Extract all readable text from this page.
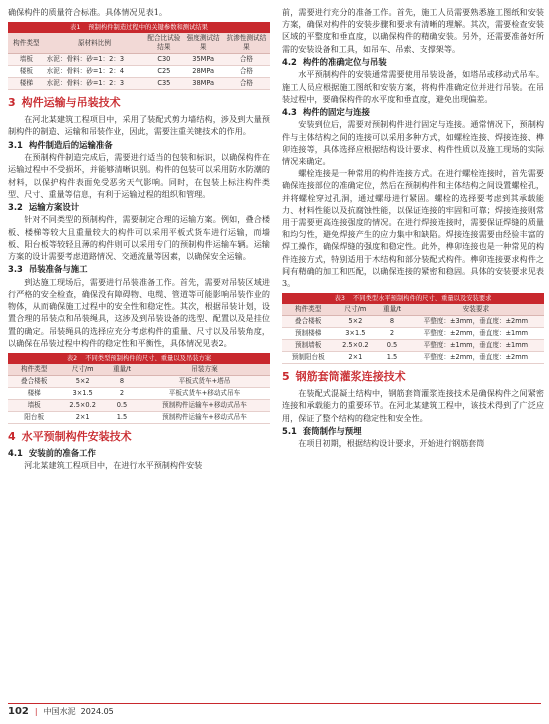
确保构件的质量符合标准。具体情况见表1。

表1 预制构件制造过程中的关键参数和测试结果
构件类型	原材料比例	配合比试验结果	强度测试结果	抗渗性测试结果
墙板	水泥：骨料：砂=1：2：3	C30	35MPa	合格
楼板	水泥：骨料：砂=1：2：4	C25	28MPa	合格
楼梯	水泥：骨料：砂=1：2：3	C35	38MPa	合格
3 构件运输与吊装技术

在河北某建筑工程项目中，采用了装配式剪力墙结构，涉及到大量预制构件的制造、运输和吊装作业，因此，需要注重关键技术的作用。

3.1 构件制造后的运输准备

在预制构件制造完成后，需要进行适当的包装和标识，以确保构件在运输过程中不受损坏，并能够清晰识别。构件的包装可以采用防水防潮的材料，以保护构件表面免受恶劣天气影响。同时，在包装上标注构件类型、尺寸、重量等信息，有利于运输过程的组织和管理。

3.2 运输方案设计

针对不同类型的预制构件，需要制定合理的运输方案。例如，叠合楼板、楼梯等较大且重量较大的构件可以采用平板式货车进行运输，而墙板、阳台板等较轻且薄的构件则可以采用专门的预制构件运输车辆。运输方案的设计需要考虑道路情况、交通流量等因素，以确保安全运输。

3.3 吊装准备与施工

到达施工现场后，需要进行吊装准备工作。首先，需要对吊装区域进行严格的安全检查，确保没有障碍物、电缆、管道等可能影响吊装作业的物体，从而确保施工过程中的安全性和稳定性。其次，根据吊装计划，设置合理的吊装点和吊装绳具，这涉及到吊装设备的选型、配置以及是挂位置的确定。吊装绳具的选择应充分考虑构件的重量、尺寸以及吊装角度，以确保在吊装过程中构件的稳定性和平衡性，具体情况见表2。

表2 不同类型预制构件的尺寸、重量以及吊装方案
构件类型	尺寸/m	重量/t	吊装方案
叠合楼板	5×2	8	平板式货车+塔吊
楼梯	3×1.5	2	平板式货车+移动式吊车
墙板	2.5×0.2	0.5	预制构件运输车+移动式吊车
阳台板	2×1	1.5	预制构件运输车+移动式吊车
4 水平预制构件安装技术
4.1 安装前的准备工作

河北某建筑工程项目中，在进行水平预制构件安装

前，需要进行充分的准备工作。首先，施工人员需要熟悉施工图纸和安装方案，确保对构件的安装步骤和要求有清晰的理解。其次，需要检查安装区域的平整度和垂直度，以确保构件的精确安装。另外，还需要准备好所需的安装设备和工具，如吊车、吊索、支撑架等。

4.2 构件的准确定位与吊装

水平预制构件的安装通常需要使用吊装设备，如塔吊或移动式吊车。施工人员应根据施工图纸和安装方案，将构件准确定位并进行吊装。在吊装过程中，要确保构件的水平度和垂直度，避免出现偏差。

4.3 构件的固定与连接

安装到位后，需要对预制构件进行固定与连接。通常情况下，预制构件与主体结构之间的连接可以采用多种方式，如螺栓连接、焊接连接、榫卯连接等，具体选择应根据结构设计要求、构件性质以及施工现场的实际情况来确定。

螺栓连接是一种常用的构件连接方式。在进行螺栓连接时，首先需要确保连接部位的准确定位，然后在预制构件和主体结构之间设置螺栓孔，并将螺栓穿过孔洞，通过螺母进行紧固。螺栓的选择要考虑到其承载能力、材料性能以及抗腐蚀性能，以保证连接的牢固和可靠；焊接连接则常用于需要更高连接强度的情况。在进行焊接连接时，需要保证焊缝的质量和均匀性，避免焊接产生的应力集中和缺陷。焊接连接需要由经验丰富的焊工操作，确保焊缝的强度和稳定性。此外，榫卯连接也是一种常见的构件连接方式，特别适用于木结构和部分装配式构件。榫卯连接要求构件之间有精确的加工和匹配，以确保连接的紧密和稳固。具体的安装要求见表3。

表3 不同类型水平预制构件的尺寸、重量以及安装要求
构件类型	尺寸/m	重量/t	安装要求
叠合楼板	5×2	8	平整度：±3mm，垂直度：±2mm
预制楼梯	3×1.5	2	平整度：±2mm，垂直度：±1mm
预制墙板	2.5×0.2	0.5	平整度：±1mm，垂直度：±1mm
预制阳台板	2×1	1.5	平整度：±2mm，垂直度：±2mm
5 钢筋套筒灌浆连接技术

在装配式混凝土结构中，钢筋套筒灌浆连接技术是确保构件之间紧密连接和承载能力的重要环节。在河北某建筑工程中，该技术得到了广泛应用，保证了整个结构的稳定性和安全性。

5.1 套筒制作与预埋

在项目初期，根据结构设计要求，开始进行钢筋套筒

102 | 中国水泥 2024.05
